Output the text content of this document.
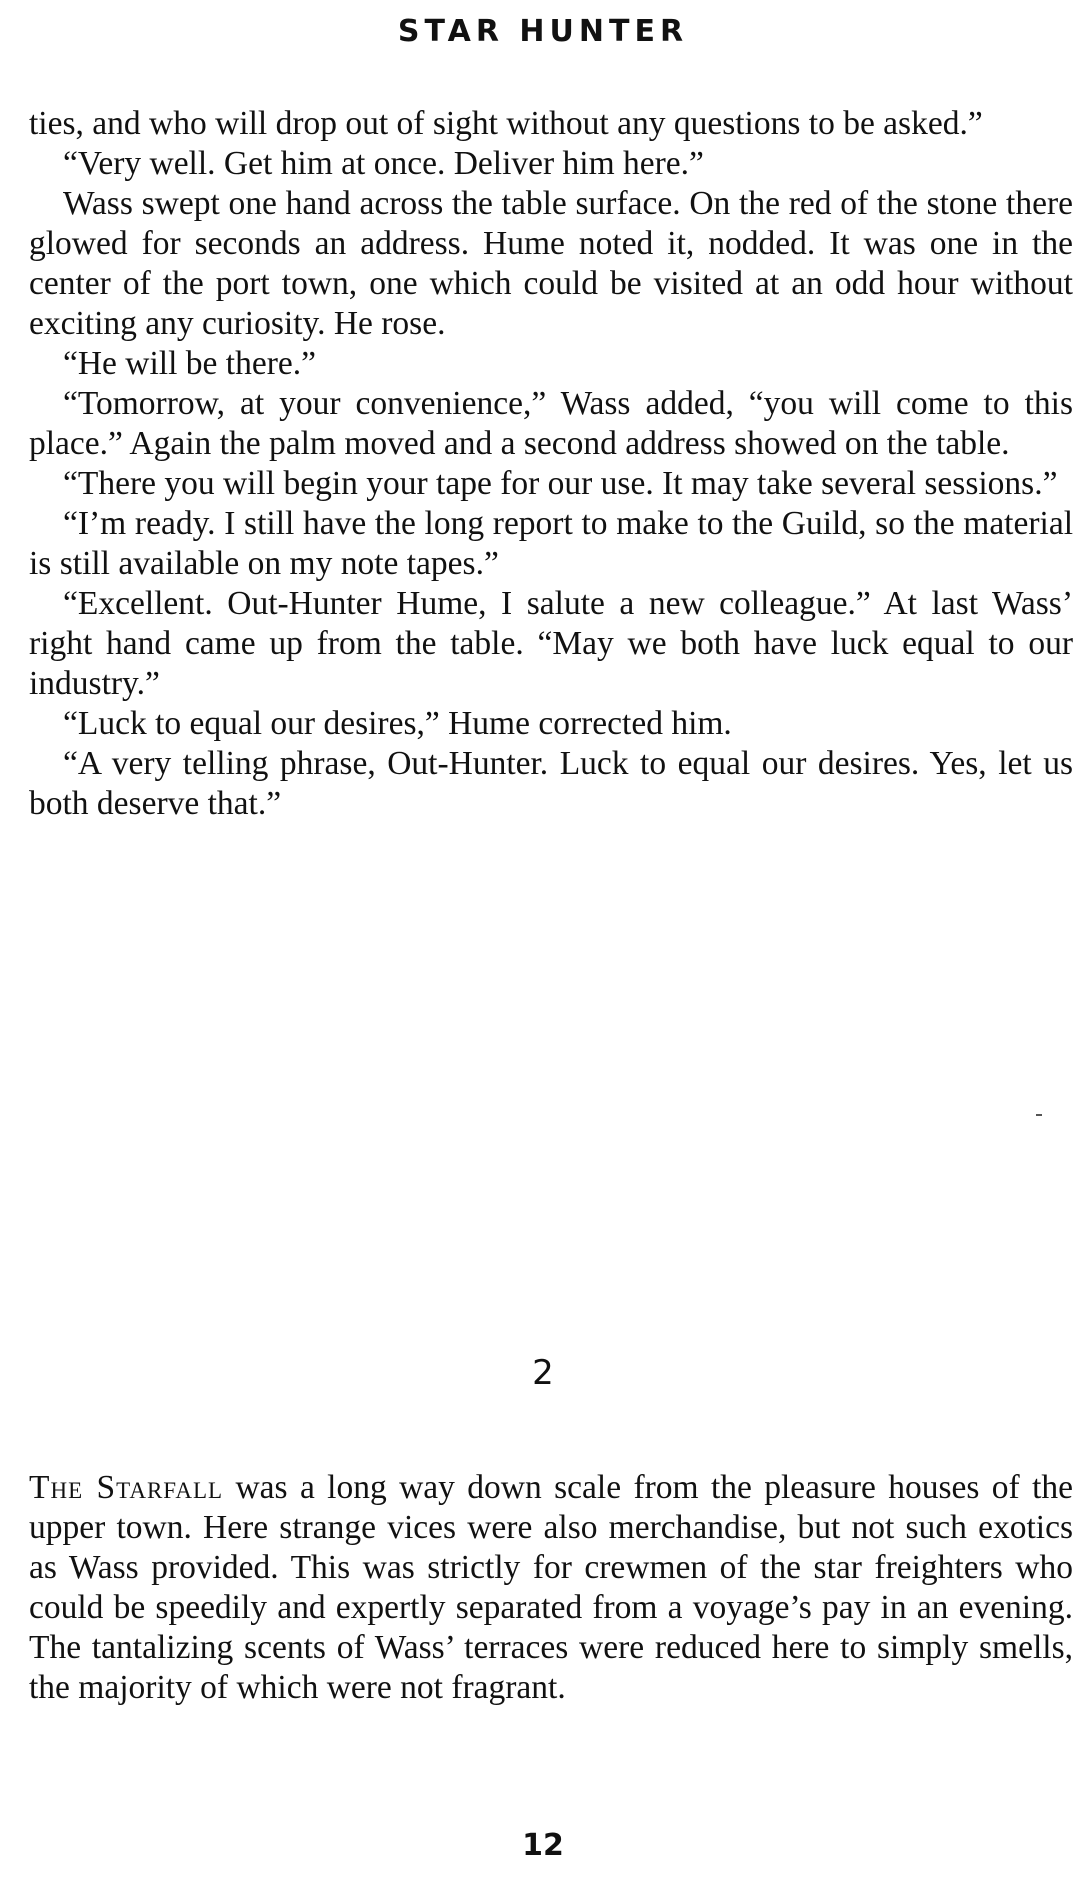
STAR HUNTER

ties, and who will drop out of sight without any questions to be asked.”

“Very well. Get him at once. Deliver him here.”

Wass swept one hand across the table surface. On the red of the stone there glowed for seconds an address. Hume noted it, nodded. It was one in the center of the port town, one which could be visited at an odd hour without exciting any curiosity. He rose.

“He will be there.”

“Tomorrow, at your convenience,” Wass added, “you will come to this place.” Again the palm moved and a second address showed on the table.

“There you will begin your tape for our use. It may take several sessions.”

“I’m ready. I still have the long report to make to the Guild, so the material is still available on my note tapes.”

“Excellent. Out-Hunter Hume, I salute a new colleague.” At last Wass’ right hand came up from the table. “May we both have luck equal to our industry.”

“Luck to equal our desires,” Hume corrected him.

“A very telling phrase, Out-Hunter. Luck to equal our desires. Yes, let us both deserve that.”

2

The Starfall was a long way down scale from the pleasure houses of the upper town. Here strange vices were also merchandise, but not such exotics as Wass provided. This was strictly for crewmen of the star freighters who could be speedily and expertly separated from a voyage’s pay in an evening. The tantalizing scents of Wass’ terraces were reduced here to simply smells, the majority of which were not fragrant.

12
